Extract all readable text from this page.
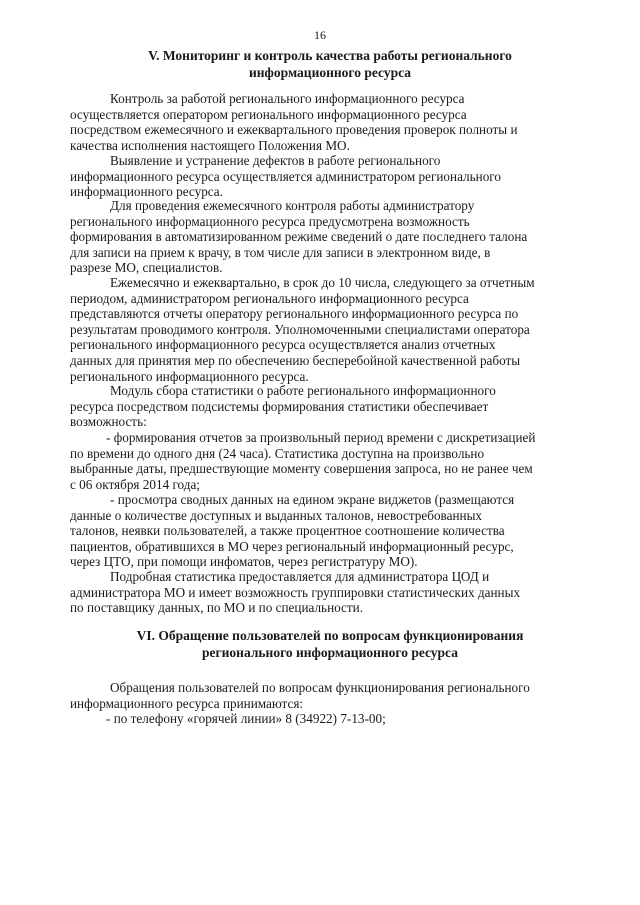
16
V. Мониторинг и контроль качества работы регионального
информационного ресурса
Контроль за работой регионального информационного ресурса
осуществляется оператором регионального информационного ресурса
посредством ежемесячного и ежеквартального проведения проверок полноты и
качества исполнения настоящего Положения МО.
Выявление и устранение дефектов в работе регионального
информационного ресурса осуществляется администратором регионального
информационного ресурса.
Для проведения ежемесячного контроля работы администратору
регионального информационного ресурса предусмотрена возможность
формирования в автоматизированном режиме сведений о дате последнего талона
для записи на прием к врачу, в том числе для записи в электронном виде, в
разрезе МО, специалистов.
Ежемесячно и ежеквартально, в срок до 10 числа, следующего за отчетным
периодом, администратором регионального информационного ресурса
представляются отчеты оператору регионального информационного ресурса по
результатам проводимого контроля. Уполномоченными специалистами оператора
регионального информационного ресурса осуществляется анализ отчетных
данных для принятия мер по обеспечению бесперебойной качественной работы
регионального информационного ресурса.
Модуль сбора статистики о работе регионального информационного
ресурса посредством подсистемы формирования статистики обеспечивает
возможность:
- формирования отчетов за произвольный период времени с дискретизацией
по времени до одного дня (24 часа). Статистика доступна на произвольно
выбранные даты, предшествующие моменту совершения запроса, но не ранее чем
с 06 октября 2014 года;
- просмотра сводных данных на едином экране виджетов (размещаются
данные о количестве доступных и выданных талонов, невостребованных
талонов, неявки пользователей, а также процентное соотношение количества
пациентов, обратившихся в МО через региональный информационный ресурс,
через ЦТО, при помощи инфоматов, через регистратуру МО).
Подробная статистика предоставляется для администратора ЦОД и
администратора МО и имеет возможность группировки статистических данных
по поставщику данных, по МО и по специальности.
VI. Обращение пользователей по вопросам функционирования
регионального информационного ресурса
Обращения пользователей по вопросам функционирования регионального
информационного ресурса принимаются:
- по телефону «горячей линии» 8 (34922) 7-13-00;
